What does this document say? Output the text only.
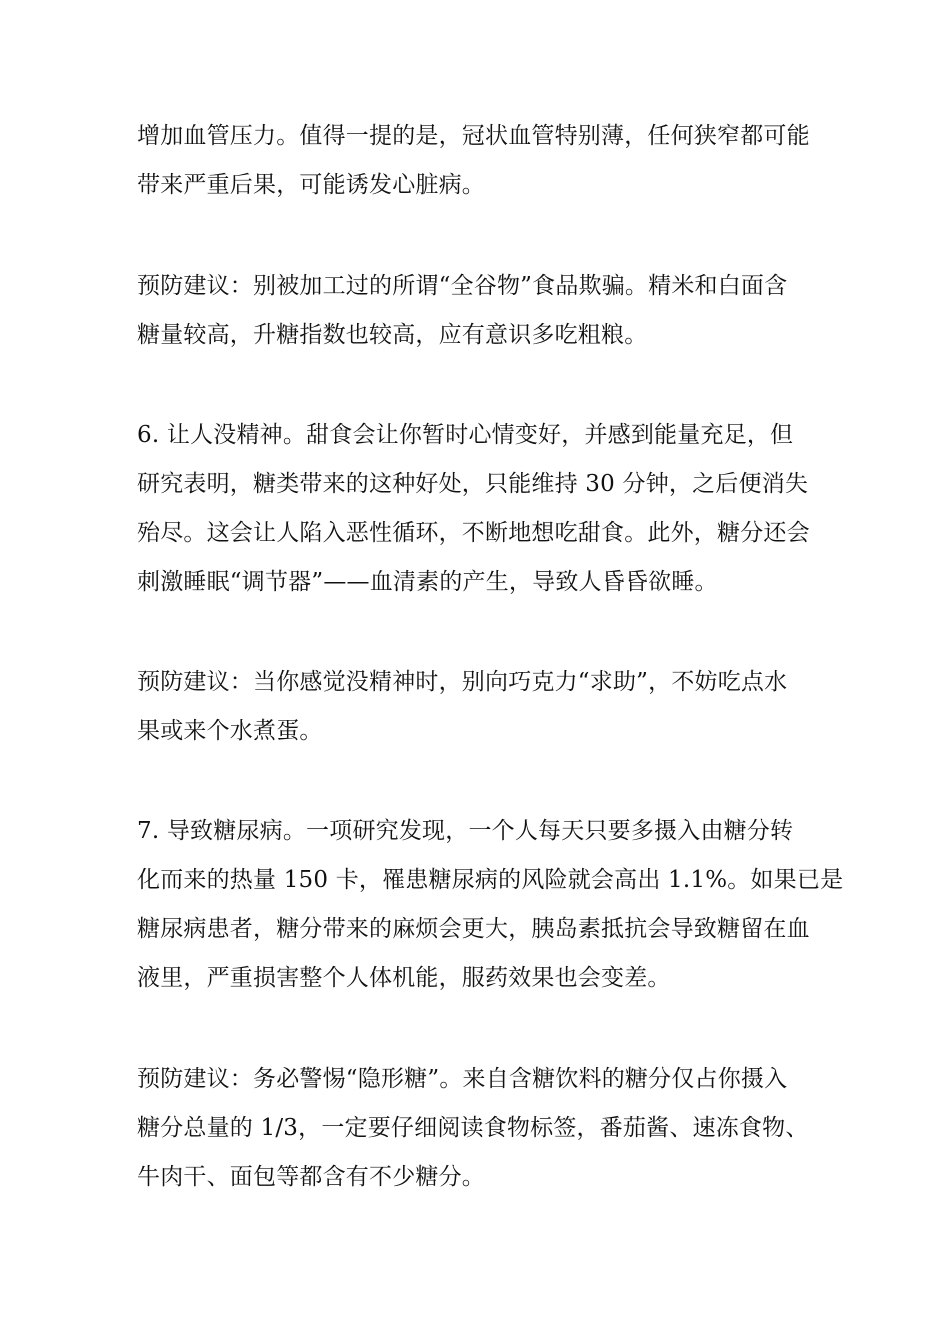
增加血管压力。值得一提的是，冠状血管特别薄，任何狭窄都可能
带来严重后果，可能诱发心脏病。
预防建议：别被加工过的所谓“全谷物”食品欺骗。精米和白面含
糖量较高，升糖指数也较高，应有意识多吃粗粮。
6. 让人没精神。甜食会让你暂时心情变好，并感到能量充足，但
研究表明，糖类带来的这种好处，只能维持 30 分钟，之后便消失
殆尽。这会让人陷入恶性循环，不断地想吃甜食。此外，糖分还会
刺激睡眠“调节器”——血清素的产生，导致人昏昏欲睡。
预防建议：当你感觉没精神时，别向巧克力“求助”，不妨吃点水
果或来个水煮蛋。
7. 导致糖尿病。一项研究发现，一个人每天只要多摄入由糖分转
化而来的热量 150 卡，罹患糖尿病的风险就会高出 1.1%。如果已是
糖尿病患者，糖分带来的麻烦会更大，胰岛素抵抗会导致糖留在血
液里，严重损害整个人体机能，服药效果也会变差。
预防建议：务必警惕“隐形糖”。来自含糖饮料的糖分仅占你摄入
糖分总量的 1/3，一定要仔细阅读食物标签，番茄酱、速冻食物、
牛肉干、面包等都含有不少糖分。
